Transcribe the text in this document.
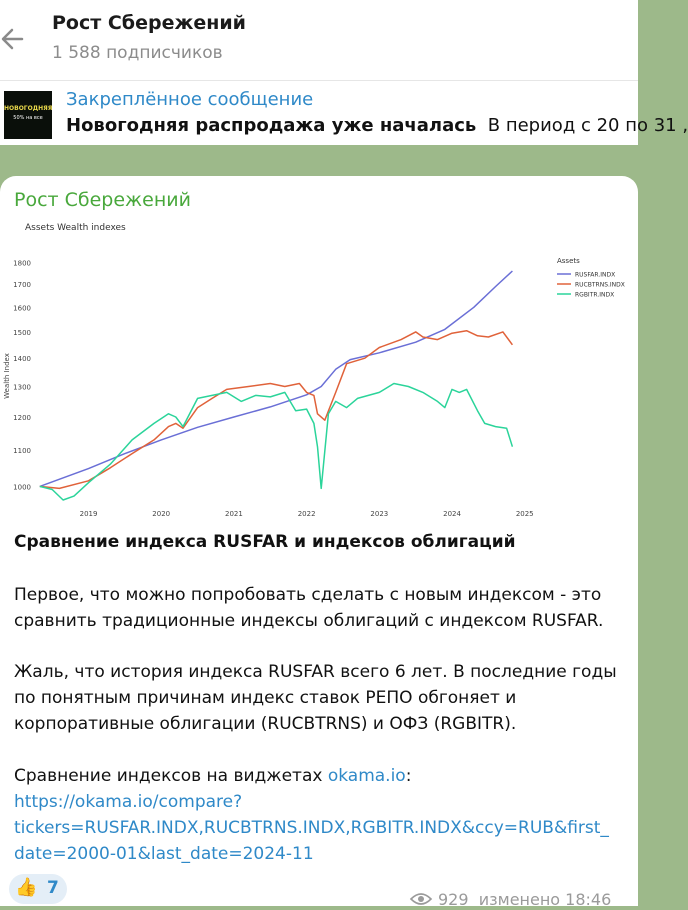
Рост Сбережений
1 588 подписчиков
НОВОГОДНЯЯ
50% на все
Закреплённое сообщение
Новогодняя распродажа уже началась В период с 20 по 31 ,
Рост Сбережений
Assets Wealth indexes
Wealth Index
1000
1100
1200
1300
1400
1500
1600
1700
1800
2019	2020	2021	2022	2023	2024	2025
Assets
RUSFAR.INDX
RUCBTRNS.INDX
RGBITR.INDX
Сравнение индекса RUSFAR и индексов облигаций
Первое, что можно попробовать сделать с новым индексом - это сравнить традиционные индексы облигаций с индексом RUSFAR.
Жаль, что история индекса RUSFAR всего 6 лет. В последние годы по понятным причинам индекс ставок РЕПО обгоняет и корпоративные облигации (RUCBTRNS) и ОФЗ (RGBITR).
Сравнение индексов на виджетах okama.io:
https://okama.io/compare?
tickers=RUSFAR.INDX,RUCBTRNS.INDX,RGBITR.INDX&ccy=RUB&first_
date=2000-01&last_date=2024-11
👍 7
929 изменено 18:46
